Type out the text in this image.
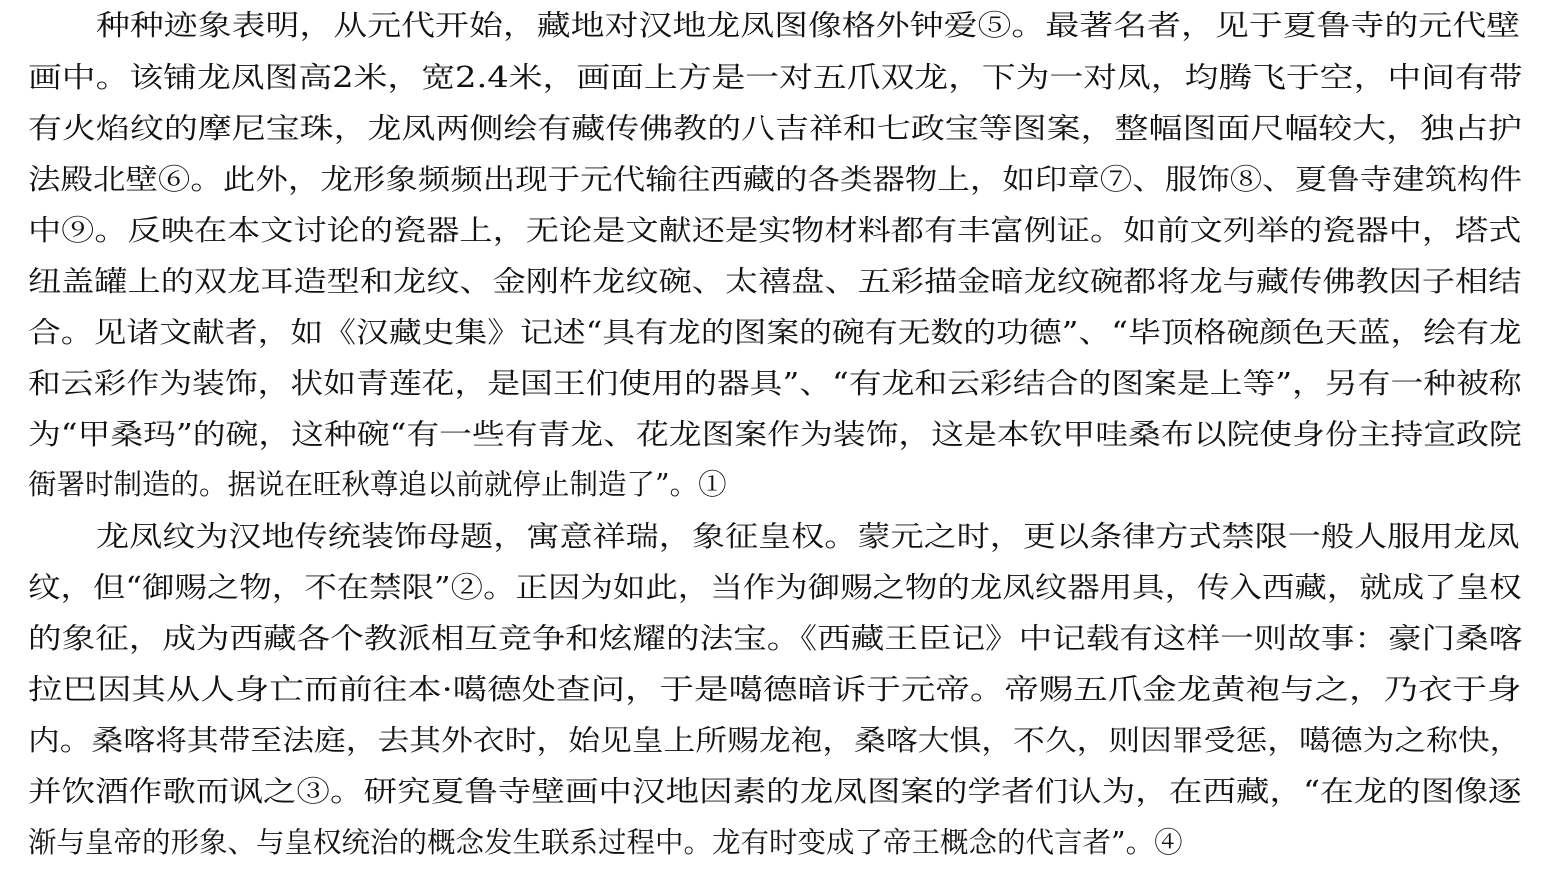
种种迹象表明，从元代开始，藏地对汉地龙凤图像格外钟爱⑤。最著名者，见于夏鲁寺的元代壁
画中。该铺龙凤图高2米，宽2.4米，画面上方是一对五爪双龙，下为一对凤，均腾飞于空，中间有带
有火焰纹的摩尼宝珠，龙凤两侧绘有藏传佛教的八吉祥和七政宝等图案，整幅图面尺幅较大，独占护
法殿北壁⑥。此外，龙形象频频出现于元代输往西藏的各类器物上，如印章⑦、服饰⑧、夏鲁寺建筑构件
中⑨。反映在本文讨论的瓷器上，无论是文献还是实物材料都有丰富例证。如前文列举的瓷器中，塔式
纽盖罐上的双龙耳造型和龙纹、金刚杵龙纹碗、太禧盘、五彩描金暗龙纹碗都将龙与藏传佛教因子相结
合。见诸文献者，如《汉藏史集》记述“具有龙的图案的碗有无数的功德”、“毕顶格碗颜色天蓝，绘有龙
和云彩作为装饰，状如青莲花，是国王们使用的器具”、“有龙和云彩结合的图案是上等”，另有一种被称
为“甲桑玛”的碗，这种碗“有一些有青龙、花龙图案作为装饰，这是本钦甲哇桑布以院使身份主持宣政院
衙署时制造的。据说在旺秋尊追以前就停止制造了”。①
龙凤纹为汉地传统装饰母题，寓意祥瑞，象征皇权。蒙元之时，更以条律方式禁限一般人服用龙凤
纹，但“御赐之物，不在禁限”②。正因为如此，当作为御赐之物的龙凤纹器用具，传入西藏，就成了皇权
的象征，成为西藏各个教派相互竞争和炫耀的法宝。《西藏王臣记》中记载有这样一则故事：豪门桑喀
拉巴因其从人身亡而前往本·噶德处查问，于是噶德暗诉于元帝。帝赐五爪金龙黄袍与之，乃衣于身
内。桑喀将其带至法庭，去其外衣时，始见皇上所赐龙袍，桑喀大惧，不久，则因罪受惩，噶德为之称快，
并饮酒作歌而讽之③。研究夏鲁寺壁画中汉地因素的龙凤图案的学者们认为，在西藏，“在龙的图像逐
渐与皇帝的形象、与皇权统治的概念发生联系过程中。龙有时变成了帝王概念的代言者”。④
